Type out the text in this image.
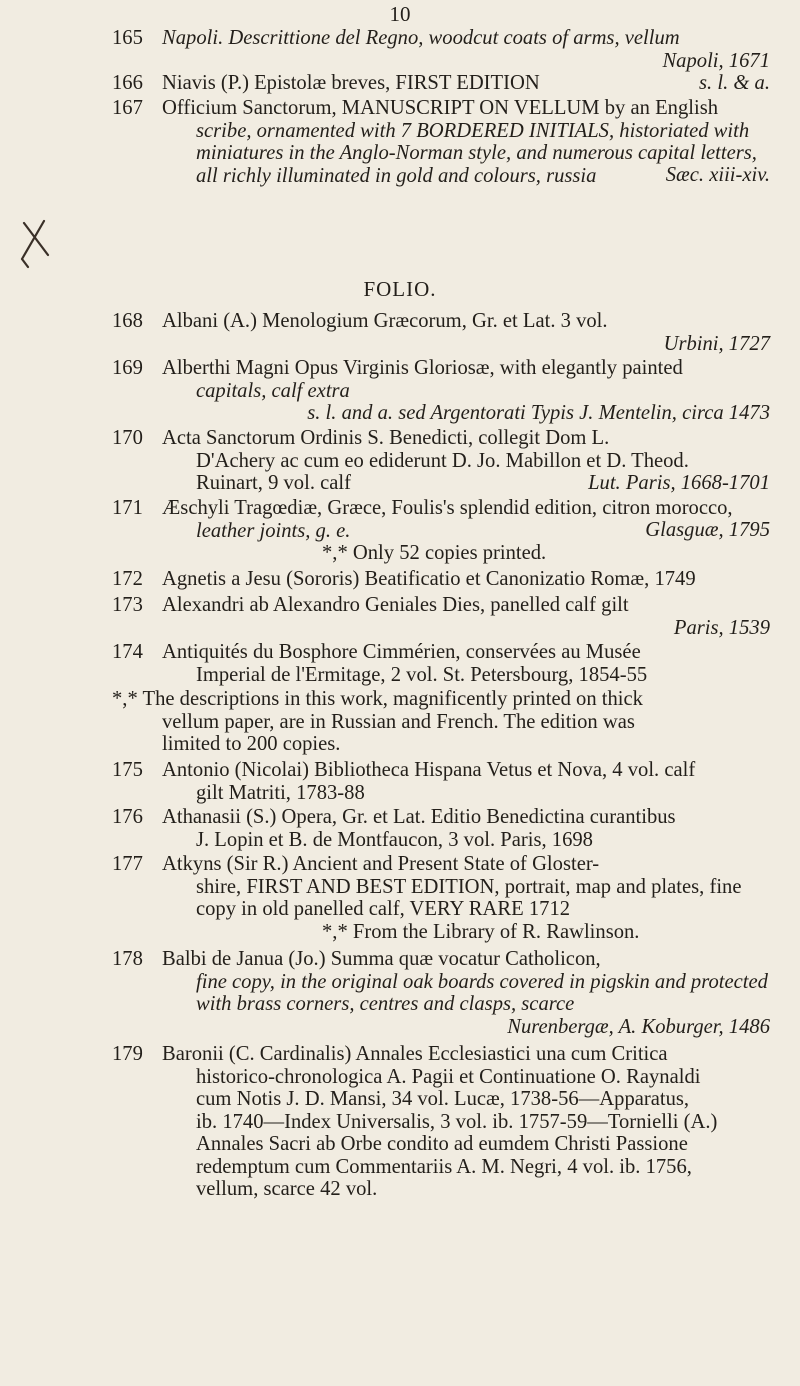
10
165 Napoli. Descrittione del Regno, woodcut coats of arms, vellum
Napoli, 1671
166 Niavis (P.) Epistolæ breves, FIRST EDITION	s. l. & a.
167 Officium Sanctorum, MANUSCRIPT ON VELLUM by an English
scribe, ornamented with 7 BORDERED INITIALS, historiated with
miniatures in the Anglo-Norman style, and numerous capital letters,
all richly illuminated in gold and colours, russia	Sæc. xiii-xiv.
FOLIO.
168 Albani (A.) Menologium Græcorum, Gr. et Lat. 3 vol.
Urbini, 1727
169 Alberthi Magni Opus Virginis Gloriosæ, with elegantly painted
capitals, calf extra
s. l. and a. sed Argentorati Typis J. Mentelin, circa 1473
170 Acta Sanctorum Ordinis S. Benedicti, collegit Dom L.
D'Achery ac cum eo ediderunt D. Jo. Mabillon et D. Theod.
Ruinart, 9 vol. calf	Lut. Paris, 1668-1701
171 Æschyli Tragœdiæ, Græce, Foulis's splendid edition, citron morocco,
leather joints, g. e.	Glasguæ, 1795
*,* Only 52 copies printed.
172 Agnetis a Jesu (Sororis) Beatificatio et Canonizatio Romæ, 1749
173 Alexandri ab Alexandro Geniales Dies, panelled calf gilt
Paris, 1539
174 Antiquités du Bosphore Cimmérien, conservées au Musée
Imperial de l'Ermitage, 2 vol. St. Petersbourg, 1854-55
*,* The descriptions in this work, magnificently printed on thick
vellum paper, are in Russian and French. The edition was
limited to 200 copies.
175 Antonio (Nicolai) Bibliotheca Hispana Vetus et Nova, 4 vol. calf
gilt Matriti, 1783-88
176 Athanasii (S.) Opera, Gr. et Lat. Editio Benedictina curantibus
J. Lopin et B. de Montfaucon, 3 vol. Paris, 1698
177 Atkyns (Sir R.) Ancient and Present State of Gloster-
shire, FIRST AND BEST EDITION, portrait, map and plates, fine
copy in old panelled calf, VERY RARE 1712
*,* From the Library of R. Rawlinson.
178 Balbi de Janua (Jo.) Summa quæ vocatur Catholicon,
fine copy, in the original oak boards covered in pigskin and protected
with brass corners, centres and clasps, scarce
Nurenbergæ, A. Koburger, 1486
179 Baronii (C. Cardinalis) Annales Ecclesiastici una cum Critica
historico-chronologica A. Pagii et Continuatione O. Raynaldi
cum Notis J. D. Mansi, 34 vol. Lucæ, 1738-56—Apparatus,
ib. 1740—Index Universalis, 3 vol. ib. 1757-59—Tornielli (A.)
Annales Sacri ab Orbe condito ad eumdem Christi Passione
redemptum cum Commentariis A. M. Negri, 4 vol. ib. 1756,
vellum, scarce 42 vol.
